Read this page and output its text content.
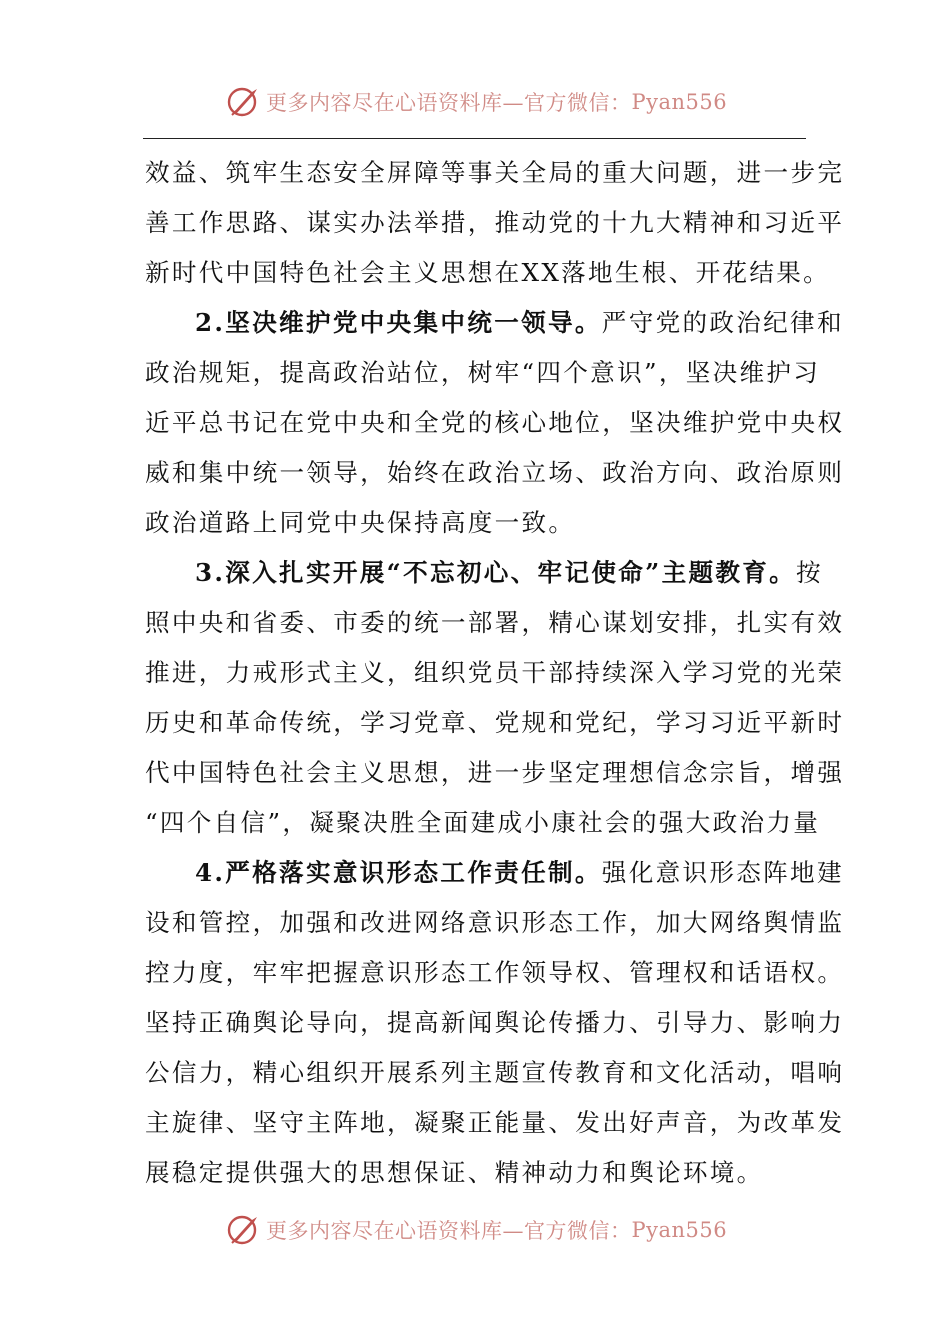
更多内容尽在心语资料库—官方微信： Pyan556
效益、筑牢生态安全屏障等事关全局的重大问题，进一步完
善工作思路、谋实办法举措，推动党的十九大精神和习近平
新时代中国特色社会主义思想在XX落地生根、开花结果。
2.坚决维护党中央集中统一领导。严守党的政治纪律和
政治规矩，提高政治站位，树牢“四个意识”，坚决维护习
近平总书记在党中央和全党的核心地位，坚决维护党中央权
威和集中统一领导，始终在政治立场、政治方向、政治原则
政治道路上同党中央保持高度一致。
3.深入扎实开展“不忘初心、牢记使命”主题教育。按
照中央和省委、市委的统一部署，精心谋划安排，扎实有效
推进，力戒形式主义，组织党员干部持续深入学习党的光荣
历史和革命传统，学习党章、党规和党纪，学习习近平新时
代中国特色社会主义思想，进一步坚定理想信念宗旨，增强
“四个自信”，凝聚决胜全面建成小康社会的强大政治力量
4.严格落实意识形态工作责任制。强化意识形态阵地建
设和管控，加强和改进网络意识形态工作，加大网络舆情监
控力度，牢牢把握意识形态工作领导权、管理权和话语权。
坚持正确舆论导向，提高新闻舆论传播力、引导力、影响力
公信力，精心组织开展系列主题宣传教育和文化活动，唱响
主旋律、坚守主阵地，凝聚正能量、发出好声音，为改革发
展稳定提供强大的思想保证、精神动力和舆论环境。
更多内容尽在心语资料库—官方微信： Pyan556
